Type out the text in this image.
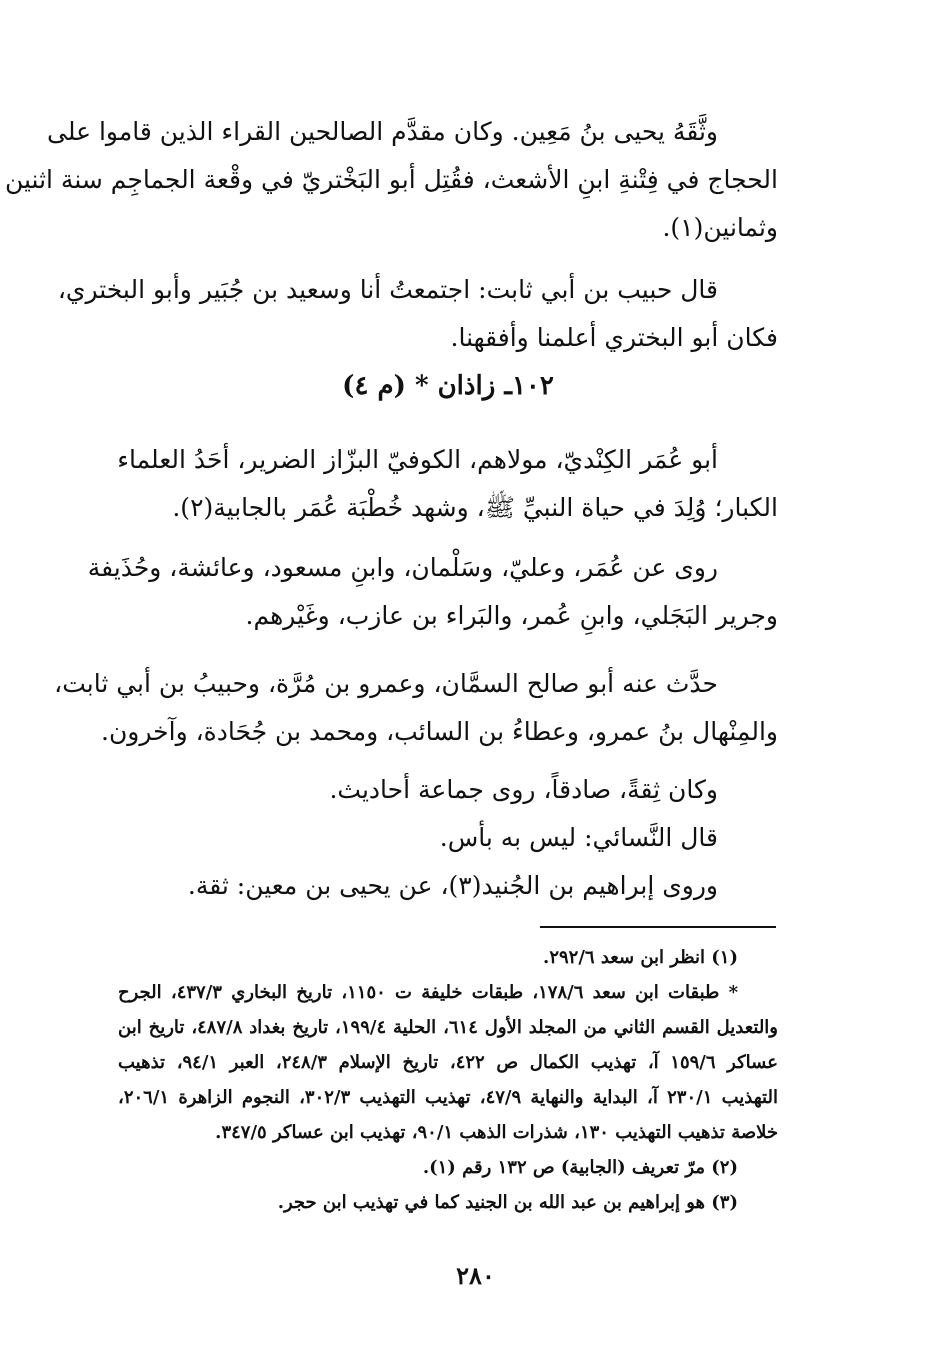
وثَّقَهُ يحيى بنُ مَعِين. وكان مقدَّم الصالحين القراء الذين قاموا على
الحجاج في فِتْنةِ ابنِ الأشعث، فقُتِل أبو البَخْتريّ في وقْعة الجماجِم سنة اثنين
وثمانين(١).
قال حبيب بن أبي ثابت: اجتمعتُ أنا وسعيد بن جُبَير وأبو البختري،
فكان أبو البختري أعلمنا وأفقهنا.
١٠٢ـ زاذان * (م ٤)
أبو عُمَر الكِنْديّ، مولاهم، الكوفيّ البزّاز الضرير، أحَدُ العلماء
الكبار؛ وُلِدَ في حياة النبيِّ ﷺ، وشهد خُطْبَة عُمَر بالجابية(٢).
روى عن عُمَر، وعليّ، وسَلْمان، وابنِ مسعود، وعائشة، وحُذَيفة
وجرير البَجَلي، وابنِ عُمر، والبَراء بن عازب، وغَيْرهم.
حدَّث عنه أبو صالح السمَّان، وعمرو بن مُرَّة، وحبيبُ بن أبي ثابت،
والمِنْهال بنُ عمرو، وعطاءُ بن السائب، ومحمد بن جُحَادة، وآخرون.
وكان ثِقةً، صادقاً، روى جماعة أحاديث.
قال النَّسائي: ليس به بأس.
وروى إبراهيم بن الجُنيد(٣)، عن يحيى بن معين: ثقة.
(١) انظر ابن سعد ٢٩٢/٦.
* طبقات ابن سعد ١٧٨/٦، طبقات خليفة ت ١١٥٠، تاريخ البخاري ٤٣٧/٣، الجرح
والتعديل القسم الثاني من المجلد الأول ٦١٤، الحلية ١٩٩/٤، تاريخ بغداد ٤٨٧/٨، تاريخ ابن
عساكر ١٥٩/٦ آ، تهذيب الكمال ص ٤٢٢، تاريخ الإسلام ٢٤٨/٣، العبر ٩٤/١، تذهيب
التهذيب ٢٣٠/١ آ، البداية والنهاية ٤٧/٩، تهذيب التهذيب ٣٠٢/٣، النجوم الزاهرة ٢٠٦/١،
خلاصة تذهيب التهذيب ١٣٠، شذرات الذهب ٩٠/١، تهذيب ابن عساكر ٣٤٧/٥.
(٢) مرّ تعريف (الجابية) ص ١٣٢ رقم (١).
(٣) هو إبراهيم بن عبد الله بن الجنيد كما في تهذيب ابن حجر.
٢٨٠
